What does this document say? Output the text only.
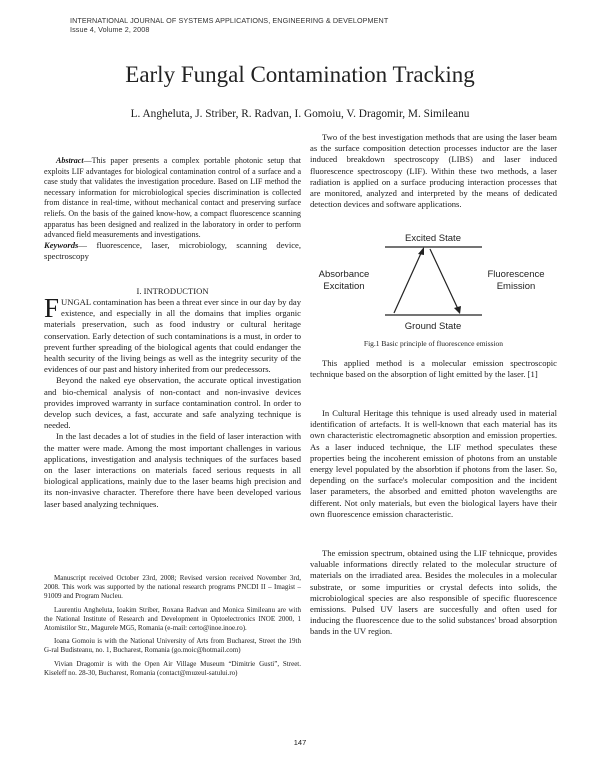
INTERNATIONAL JOURNAL OF SYSTEMS APPLICATIONS, ENGINEERING & DEVELOPMENT
Issue 4, Volume 2, 2008
Early Fungal Contamination Tracking
L. Angheluta, J. Striber, R. Radvan, I. Gomoiu, V. Dragomir, M. Simileanu
Abstract—This paper presents a complex portable photonic setup that exploits LIF advantages for biological contamination control of a surface and a case study that validates the investigation procedure. Based on LIF method the necessary information for microbiological species discrimination is collected from distance in real-time, without mechanical contact and preserving surface reliefs. On the basis of the gained know-how, a compact fluorescence scanning apparatus has been designed and realized in the laboratory in order to perform advanced field measurements and investigations.
Keywords— fluorescence, laser, microbiology, scanning device, spectroscopy
I. INTRODUCTION

FUNGAL contamination has been a threat ever since in our day by day existence, and especially in all the domains that implies organic materials preservation, such as food industry or cultural heritage conservation. Early detection of such contaminations is a must, in order to prevent further spreading of the biological agents that could endanger the health security of the living beings as well as the integrity security of the evidences of our past and history inherited from our predecessors.

Beyond the naked eye observation, the accurate optical investigation and bio-chemical analysis of non-contact and non-invasive devices provides improved warranty in surface contamination control. In order to develop such devices, a fast, accurate and safe analyzing technique is needed.

In the last decades a lot of studies in the field of laser interaction with the matter were made. Among the most important challenges in various applications, investigation and analysis techniques of the surfaces based on the laser interactions on materials faced serious requests in all biological applications, mainly due to the laser beams high precision and its non-invasive character. Therefore there have been developed various laser based analyzing techniques.

Manuscript received October 23rd, 2008; Revised version received November 3rd, 2008. This work was supported by the national research programs PNCDI II – Imagist – 91009 and Program Nucleu.

Laurentiu Angheluta, Ioakim Striber, Roxana Radvan and Monica Simileanu are with the National Institute of Research and Development in Optoelectronics INOE 2000, 1 Atomistilor Str., Magurele MG5, Romania (e-mail: certo@inoe.inoe.ro).

Ioana Gomoiu is with the National University of Arts from Bucharest, Street the 19th G-ral Budisteanu, no. 1, Bucharest, Romania (go.moic@hotmail.com)

Vivian Dragomir is with the Open Air Village Museum “Dimitrie Gusti”, Street. Kiseleff no. 28-30, Bucharest, Romania (contact@muzeul-satului.ro)

Two of the best investigation methods that are using the laser beam as the surface composition detection processes inductor are the laser induced breakdown spectroscopy (LIBS) and laser induced fluorescence spectroscopy (LIF). Within these two methods, a laser radiation is applied on a surface producing interaction processes that are monitored, analyzed and interpreted by the means of dedicated detection devices and software applications.

Excited State
Absorbance
Excitation
Fluorescence
Emission
Ground State
Fig.1 Basic principle of fluorescence emission

This applied method is a molecular emission spectroscopic technique based on the absorption of light emitted by the laser. [1]

In Cultural Heritage this tehnique is used already used in material identification of artefacts. It is well-known that each material has its own characteristic electromagnetic absorption and emission properties. As a laser induced technique, the LIF method speculates these properties being the incoherent emission of photons from an unstable energy level populated by the absorbtion if photons from the laser. So, depending on the surface's molecular composition and the incident laser parameters, the absorbed and emitted photon wavelengths are different. Not only materials, but even the biological layers have their own fluorescence emission characteristic.

The emission spectrum, obtained using the LIF tehnicque, provides valuable informations directly related to the molecular structure of materials on the irradiated area. Besides the molecules in a molecular substrate, or some impurities or crystal defects into solids, the microbiological species are also responsible of specific fluorescence emissions. Pulsed UV lasers are succesfully and often used for inducing the fluorescence due to the solid substances' broad absorption bands in the UV region.

147
